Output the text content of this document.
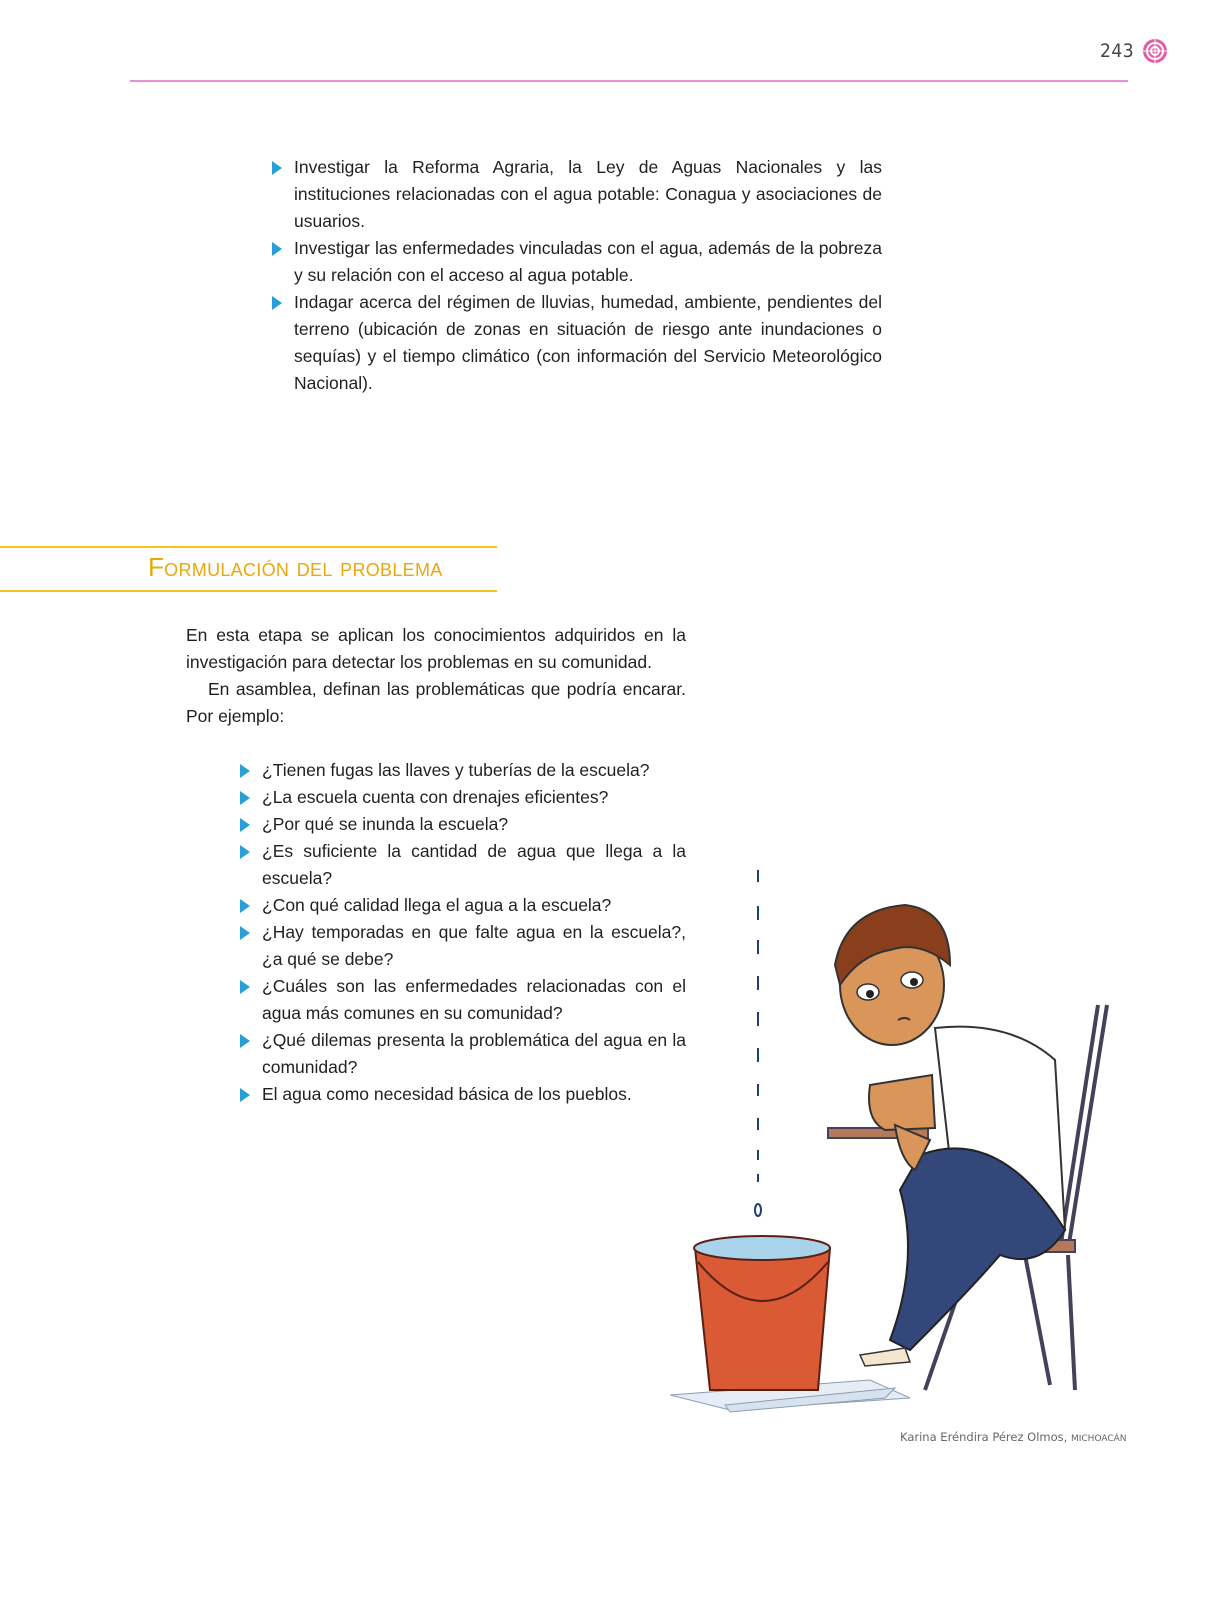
243
Investigar la Reforma Agraria, la Ley de Aguas Nacionales y las instituciones relacionadas con el agua potable: Conagua y asociaciones de usuarios.
Investigar las enfermedades vinculadas con el agua, además de la pobreza y su relación con el acceso al agua potable.
Indagar acerca del régimen de lluvias, humedad, ambiente, pendientes del terreno (ubicación de zonas en situación de riesgo ante inundaciones o sequías) y el tiempo climático (con información del Servicio Meteorológico Nacional).
Formulación del problema

En esta etapa se aplican los conocimientos adquiridos en la investigación para detectar los problemas en su comunidad.

En asamblea, definan las problemáticas que podría encarar. Por ejemplo:

¿Tienen fugas las llaves y tuberías de la escuela?
¿La escuela cuenta con drenajes eficientes?
¿Por qué se inunda la escuela?
¿Es suficiente la cantidad de agua que llega a la escuela?
¿Con qué calidad llega el agua a la escuela?
¿Hay temporadas en que falte agua en la escuela?, ¿a qué se debe?
¿Cuáles son las enfermedades relacionadas con el agua más comunes en su comunidad?
¿Qué dilemas presenta la problemática del agua en la comunidad?
El agua como necesidad básica de los pueblos.
Karina Eréndira Pérez Olmos, MICHOACÁN
